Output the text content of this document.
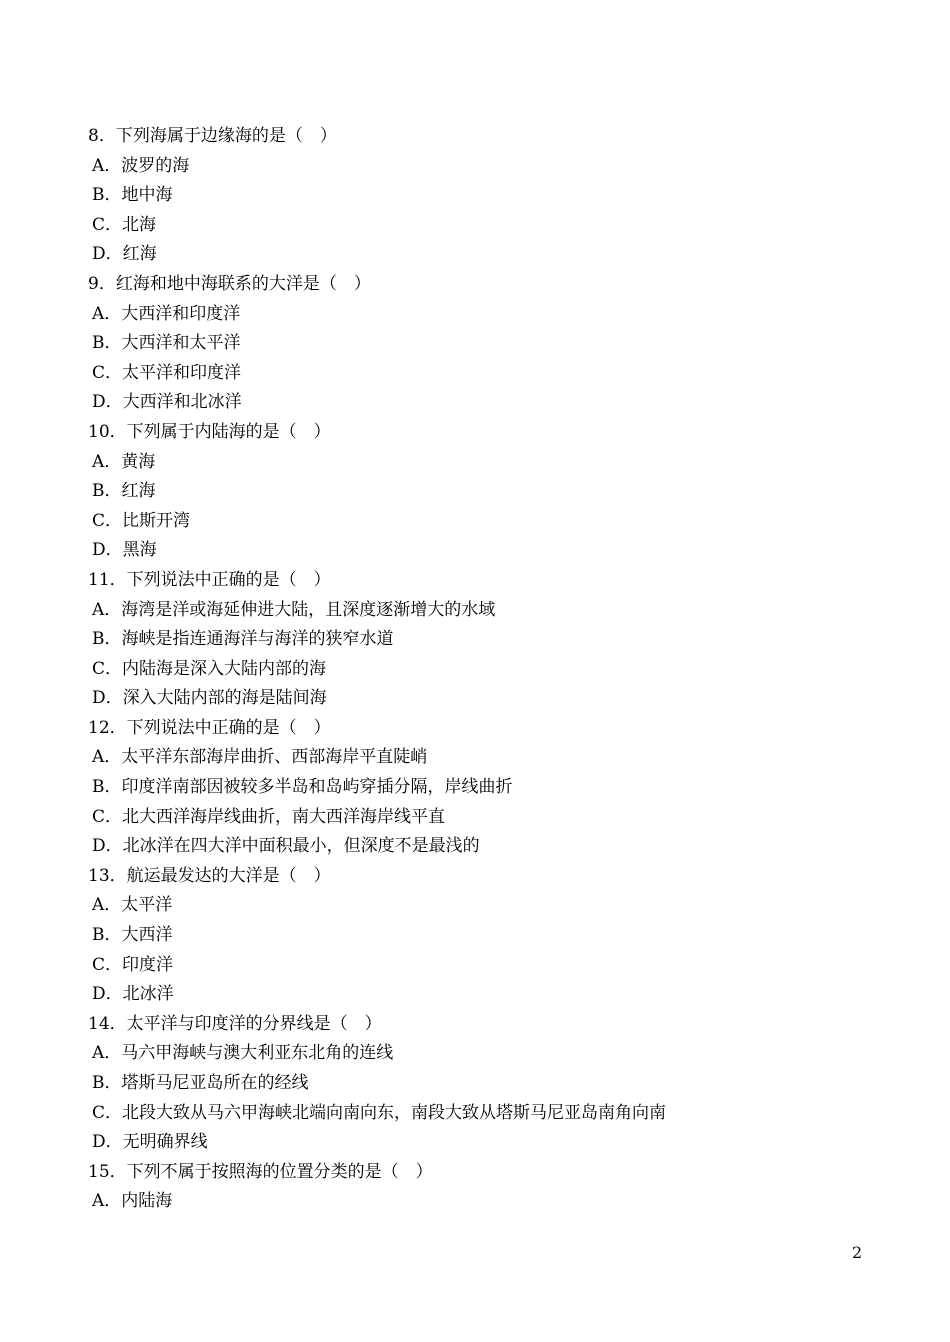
8．下列海属于边缘海的是（　）
A．波罗的海
B．地中海
C．北海
D．红海
9．红海和地中海联系的大洋是（　）
A．大西洋和印度洋
B．大西洋和太平洋
C．太平洋和印度洋
D．大西洋和北冰洋
10．下列属于内陆海的是（　）
A．黄海
B．红海
C．比斯开湾
D．黑海
11．下列说法中正确的是（　）
A．海湾是洋或海延伸进大陆，且深度逐渐增大的水域
B．海峡是指连通海洋与海洋的狭窄水道
C．内陆海是深入大陆内部的海
D．深入大陆内部的海是陆间海
12．下列说法中正确的是（　）
A．太平洋东部海岸曲折、西部海岸平直陡峭
B．印度洋南部因被较多半岛和岛屿穿插分隔，岸线曲折
C．北大西洋海岸线曲折，南大西洋海岸线平直
D．北冰洋在四大洋中面积最小，但深度不是最浅的
13．航运最发达的大洋是（　）
A．太平洋
B．大西洋
C．印度洋
D．北冰洋
14．太平洋与印度洋的分界线是（　）
A．马六甲海峡与澳大利亚东北角的连线
B．塔斯马尼亚岛所在的经线
C．北段大致从马六甲海峡北端向南向东，南段大致从塔斯马尼亚岛南角向南
D．无明确界线
15．下列不属于按照海的位置分类的是（　）
A．内陆海
2
